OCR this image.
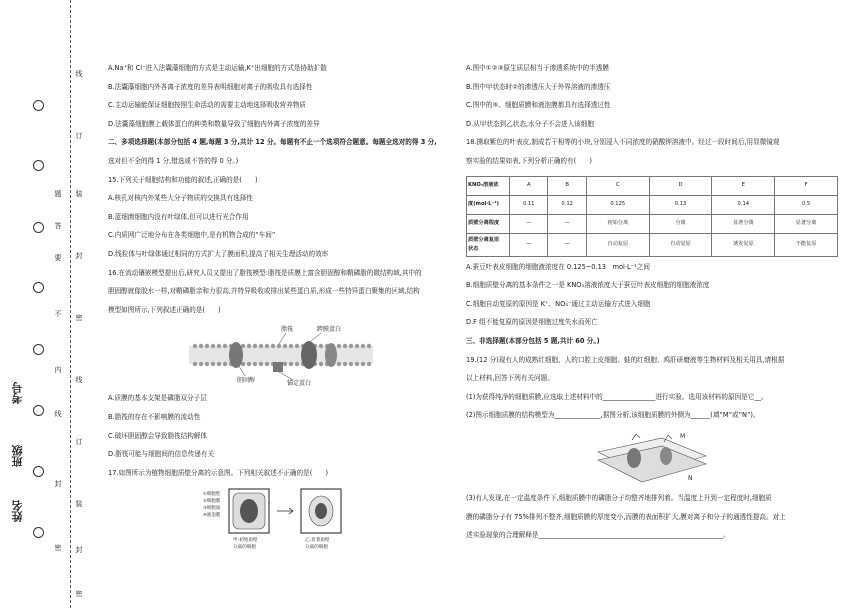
姓名
班级
考号
线
订
装
封
密
线
订
装
封
密
题
答
要
不
内
线
封
密

A.Na⁺和 Cl⁻进入法囊藻细胞的方式是主动运输,K⁺出细胞的方式是协助扩散

B.法囊藻细胞内外各离子浓度的差异表明细胞对离子的吸收具有选择性

C.主动运输能保证细胞按照生命活动的需要主动地选择吸收营养物质

D.法囊藻细胞膜上载体蛋白的种类和数量导致了细胞内外离子浓度的差异

二、多项选择题(本部分包括 4 题,每题 3 分,共计 12 分。每题有不止一个选项符合题意。每题全选对的得 3 分,

选对但不全的得 1 分,错选或不答的得 0 分。)

15.下列关于细胞结构和功能的叙述,正确的是(　　)

A.核孔对核内外某些大分子物质的交换具有选择性

B.蓝细菌细胞内没有叶绿体,但可以进行光合作用

C.内质网广泛地分布在各类细胞中,是有机物合成的“车间”

D.线粒体与叶绿体通过相同的方式扩大了膜面积,提高了相关生理活动的效率

16.在流动镶嵌模型提出后,研究人员又提出了脂筏模型:脂筏是质膜上富含胆固醇和鞘磷脂的微结构域,其中的

胆固醇就像胶水一样,对鞘磷脂亲和力很高,并特异吸收或排出某些蛋白质,形成一些特异蛋白聚集的区域,结构

模型如图所示,下列叙述正确的是(　　)

脂筏	跨膜蛋白
胆固醇	锚定蛋白

A.质膜的基本支架是磷脂双分子层

B.脂筏的存在不影响膜的流动性

C.破坏胆固醇会导致脂筏结构解体

D.脂筏可能与细胞间的信息传递有关

17.如图所示为植物细胞质壁分离的示意图。下列相关叙述不正确的是(　　)

①细胞壁
②细胞膜
③细胞质
④液泡膜
甲:初始质壁
分离的细胞
乙:显著质壁
分离的细胞

A.图中①②③原生质层相当于渗透系统中的半透膜

B.图中甲状态时②的渗透压大于外界溶液的渗透压

C.图中的⑤、细胞质膜和液泡膜都具有选择透过性

D.从甲状态到乙状态,水分子不会进入该细胞

18.撕取紫色的叶表皮,制成若干相等的小块,分别浸入不同浓度的硝酸钾溶液中。经过一段时间后,用显微镜观

察实验的结果如表,下列分析正确的有(　　)

KNO₃溶液浓	A	B	C	D	E	F
度(mol·L⁻¹)	0.11	0.12	0.125	0.13	0.14	0.5
质壁分离程度	—	—	初始分离	分离	显著分离	显著分离
质壁分离复原
状态	—	—	自动复原	自动复原	诱发复原	不能复原

A.蚕豆叶表皮细胞的细胞液浓度在 0.125~0.13　mol·L⁻¹之间

B.细胞质壁分离的基本条件之一是 KNO₃溶液浓度大于蚕豆叶表皮细胞的细胞液浓度

C.细胞自动复原的原因是 K⁺、NO₃⁻通过主动运输方式进入细胞

D.F 组不能复原的原因是细胞过度失水而死亡

三、非选择题(本部分包括 5 题,共计 60 分。)

19.(12 分)现有人的成熟红细胞、人的口腔上皮细胞、蛙的红细胞、鸡肝研磨液等生物材料及相关用具,请根据

以上材料,回答下列有关问题。

(1)为获得纯净的细胞质膜,应选取上述材料中的________________进行实验。选用该材料的原因是它__。

(2)图示细胞质膜的结构模型为______________,据图分析,该细胞质膜的外侧为______(填“M”或“N”)。

M
N

(3)有人发现,在一定温度条件下,细胞质膜中的磷脂分子均整齐地排列着。当温度上升到一定程度时,细胞质

膜的磷脂分子有 75%排列不整齐,细胞质膜的厚度变小,而膜的表面积扩大,膜对离子和分子的通透性提高。对上

述实验现象的合理解释是________________________________________________________。
